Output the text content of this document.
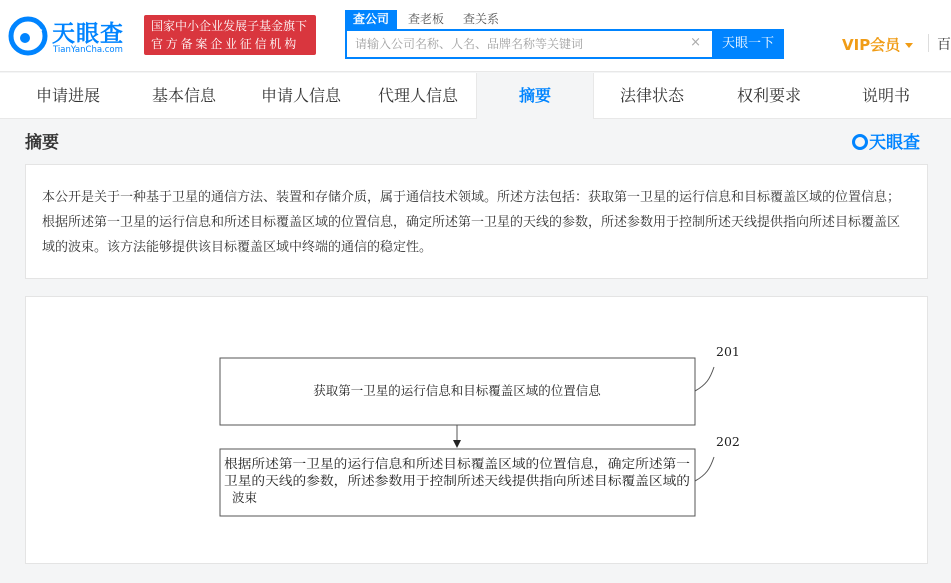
天眼查
TianYanCha.com
国家中小企业发展子基金旗下
官方备案企业征信机构
查公司	查老板 查关系
请输入公司名称、人名、品牌名称等关键词
×	天眼一下	VIP会员	百
申请进展	基本信息	申请人信息	代理人信息	摘要	法律状态	权利要求	说明书
摘要	天眼查
本公开是关于一种基于卫星的通信方法、装置和存储介质，属于通信技术领域。所述方法包括：获取第一卫星的运行信息和目标覆盖区域的位置信息；根据所述第一卫星的运行信息和所述目标覆盖区域的位置信息，确定所述第一卫星的天线的参数，所述参数用于控制所述天线提供指向所述目标覆盖区域的波束。该方法能够提供该目标覆盖区域中终端的通信的稳定性。
获取第一卫星的运行信息和目标覆盖区域的位置信息
201
根据所述第一卫星的运行信息和所述目标覆盖区域的位置信息，确定所述第一
卫星的天线的参数，所述参数用于控制所述天线提供指向所述目标覆盖区域的
波束
202
